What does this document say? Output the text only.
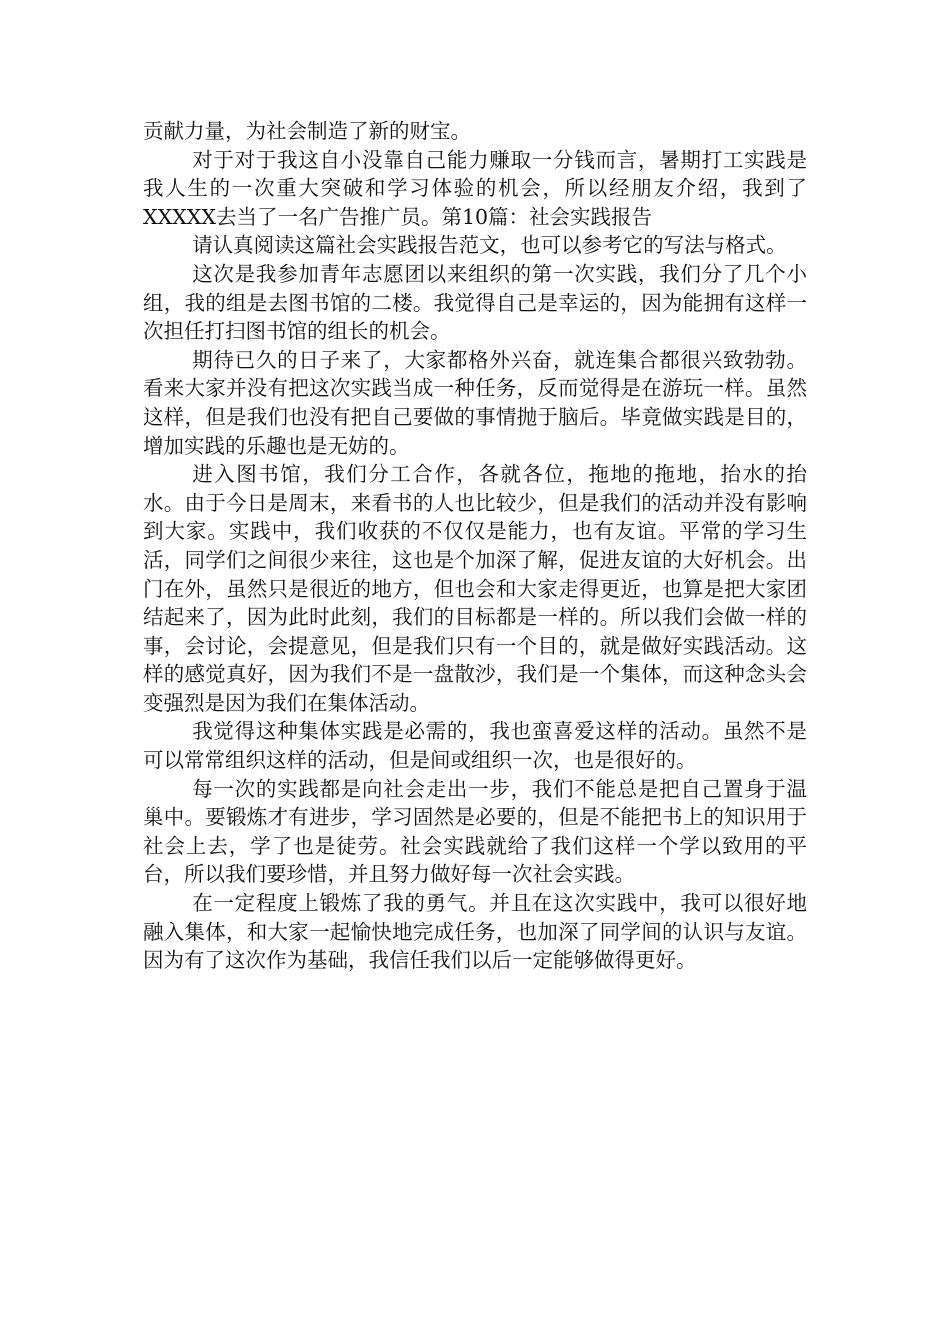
贡献力量，为社会制造了新的财宝。

对于对于我这自小没靠自己能力赚取一分钱而言，暑期打工实践是我人生的一次重大突破和学习体验的机会，所以经朋友介绍，我到了XXXXX去当了一名广告推广员。第10篇：社会实践报告

请认真阅读这篇社会实践报告范文，也可以参考它的写法与格式。

这次是我参加青年志愿团以来组织的第一次实践，我们分了几个小组，我的组是去图书馆的二楼。我觉得自己是幸运的，因为能拥有这样一次担任打扫图书馆的组长的机会。

期待已久的日子来了，大家都格外兴奋，就连集合都很兴致勃勃。看来大家并没有把这次实践当成一种任务，反而觉得是在游玩一样。虽然这样，但是我们也没有把自己要做的事情抛于脑后。毕竟做实践是目的，增加实践的乐趣也是无妨的。

进入图书馆，我们分工合作，各就各位，拖地的拖地，抬水的抬水。由于今日是周末，来看书的人也比较少，但是我们的活动并没有影响到大家。实践中，我们收获的不仅仅是能力，也有友谊。平常的学习生活，同学们之间很少来往，这也是个加深了解，促进友谊的大好机会。出门在外，虽然只是很近的地方，但也会和大家走得更近，也算是把大家团结起来了，因为此时此刻，我们的目标都是一样的。所以我们会做一样的事，会讨论，会提意见，但是我们只有一个目的，就是做好实践活动。这样的感觉真好，因为我们不是一盘散沙，我们是一个集体，而这种念头会变强烈是因为我们在集体活动。

我觉得这种集体实践是必需的，我也蛮喜爱这样的活动。虽然不是可以常常组织这样的活动，但是间或组织一次，也是很好的。

每一次的实践都是向社会走出一步，我们不能总是把自己置身于温巢中。要锻炼才有进步，学习固然是必要的，但是不能把书上的知识用于社会上去，学了也是徒劳。社会实践就给了我们这样一个学以致用的平台，所以我们要珍惜，并且努力做好每一次社会实践。

在一定程度上锻炼了我的勇气。并且在这次实践中，我可以很好地融入集体，和大家一起愉快地完成任务，也加深了同学间的认识与友谊。因为有了这次作为基础，我信任我们以后一定能够做得更好。
